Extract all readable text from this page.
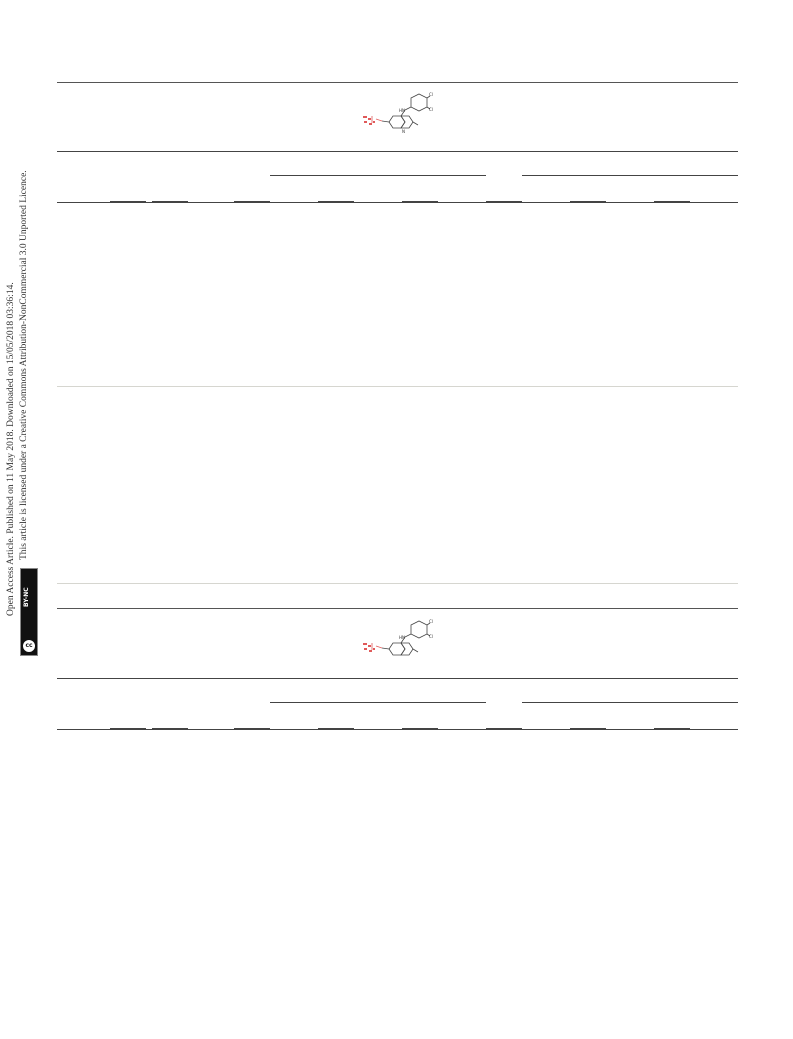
Open Access Article. Published on 11 May 2018. Downloaded on 15/05/2018 03:36:14. This article is licensed under a Creative Commons Attribution-NonCommercial 3.0 Unported Licence.
BY-NC
cc
HN
Cl
Cl
N
HN
Cl
Cl
